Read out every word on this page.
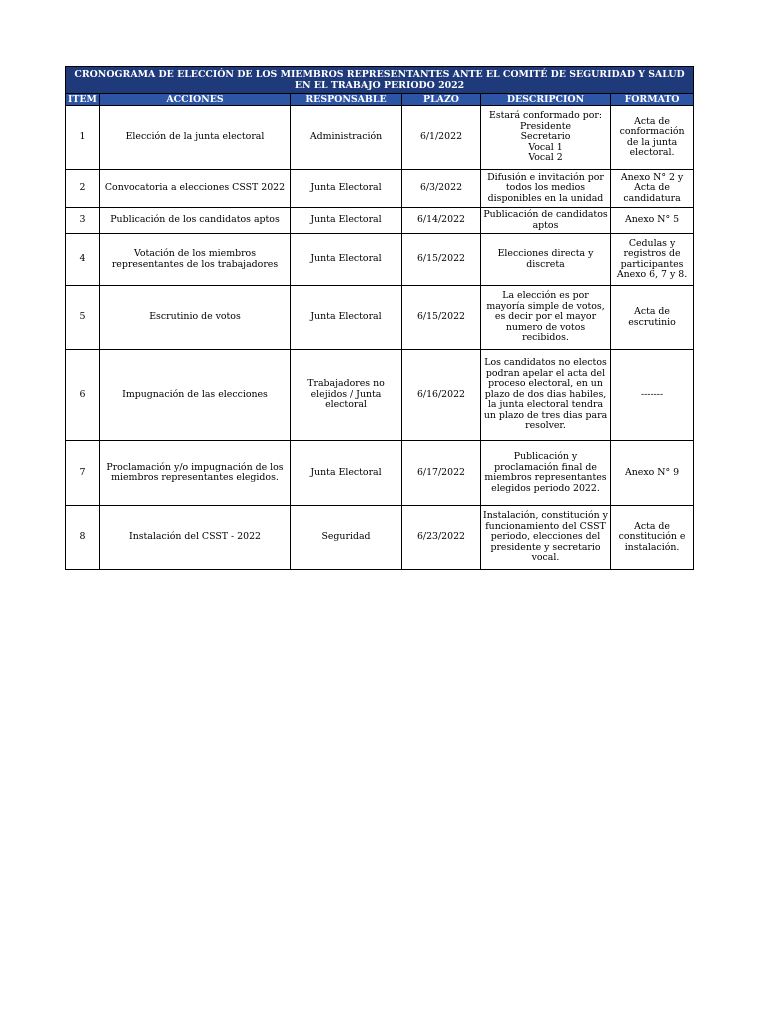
CRONOGRAMA DE ELECCIÓN DE LOS MIEMBROS REPRESENTANTES ANTE EL COMITÉ DE SEGURIDAD Y SALUD EN EL TRABAJO PERIODO 2022					
ITEM	ACCIONES	RESPONSABLE	PLAZO	DESCRIPCIÓN	FORMATO
1	Elección de la junta electoral	Administración	6/1/2022	Estará conformado por:
Presidente
Secretario
Vocal 1
Vocal 2	Acta de conformación de la junta electoral.
2	Convocatoria a elecciones CSST 2022	Junta Electoral	6/3/2022	Difusión e invitación por todos los medios disponibles en la unidad	Anexo N° 2 y Acta de candidatura
3	Publicación de los candidatos aptos	Junta Electoral	6/14/2022	Publicación de candidatos aptos	Anexo N° 5
4	Votación de los miembros representantes de los trabajadores	Junta Electoral	6/15/2022	Elecciones directa y discreta	Cedulas y registros de participantes Anexo 6, 7 y 8.
5	Escrutinio de votos	Junta Electoral	6/15/2022	La elección es por mayoría simple de votos, es decir por el mayor numero de votos recibidos.	Acta de escrutinio
6	Impugnación de las elecciones	Trabajadores no elejidos / Junta electoral	6/16/2022	Los candidatos no electos podran apelar el acta del proceso electoral, en un plazo de dos dias habiles, la junta electoral tendra un plazo de tres dias para resolver.	-------
7	Proclamación y/o impugnación de los miembros representantes elegidos.	Junta Electoral	6/17/2022	Publicación y proclamación final de miembros representantes elegidos periodo 2022.	Anexo N° 9
8	Instalación del CSST - 2022	Seguridad	6/23/2022	Instalación, constitución y funcionamiento del CSST periodo, elecciones del presidente y secretario vocal.	Acta de constitución e instalación.
